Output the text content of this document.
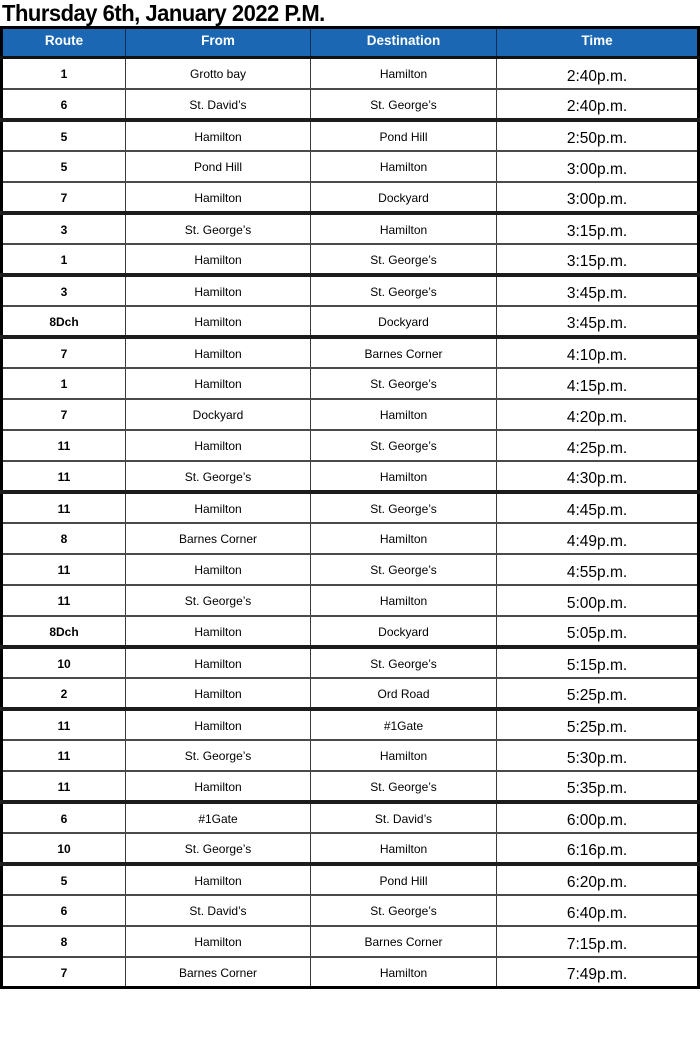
Thursday 6th, January 2022 P.M.
Route	From	Destination	Time
1	Grotto bay	Hamilton	2:40p.m.
6	St. David’s	St. George’s	2:40p.m.
5	Hamilton	Pond Hill	2:50p.m.
5	Pond Hill	Hamilton	3:00p.m.
7	Hamilton	Dockyard	3:00p.m.
3	St. George’s	Hamilton	3:15p.m.
1	Hamilton	St. George’s	3:15p.m.
3	Hamilton	St. George’s	3:45p.m.
8Dch	Hamilton	Dockyard	3:45p.m.
7	Hamilton	Barnes Corner	4:10p.m.
1	Hamilton	St. George’s	4:15p.m.
7	Dockyard	Hamilton	4:20p.m.
11	Hamilton	St. George’s	4:25p.m.
11	St. George’s	Hamilton	4:30p.m.
11	Hamilton	St. George’s	4:45p.m.
8	Barnes Corner	Hamilton	4:49p.m.
11	Hamilton	St. George’s	4:55p.m.
11	St. George’s	Hamilton	5:00p.m.
8Dch	Hamilton	Dockyard	5:05p.m.
10	Hamilton	St. George’s	5:15p.m.
2	Hamilton	Ord Road	5:25p.m.
11	Hamilton	#1Gate	5:25p.m.
11	St. George’s	Hamilton	5:30p.m.
11	Hamilton	St. George’s	5:35p.m.
6	#1Gate	St. David’s	6:00p.m.
10	St. George’s	Hamilton	6:16p.m.
5	Hamilton	Pond Hill	6:20p.m.
6	St. David’s	St. George’s	6:40p.m.
8	Hamilton	Barnes Corner	7:15p.m.
7	Barnes Corner	Hamilton	7:49p.m.
